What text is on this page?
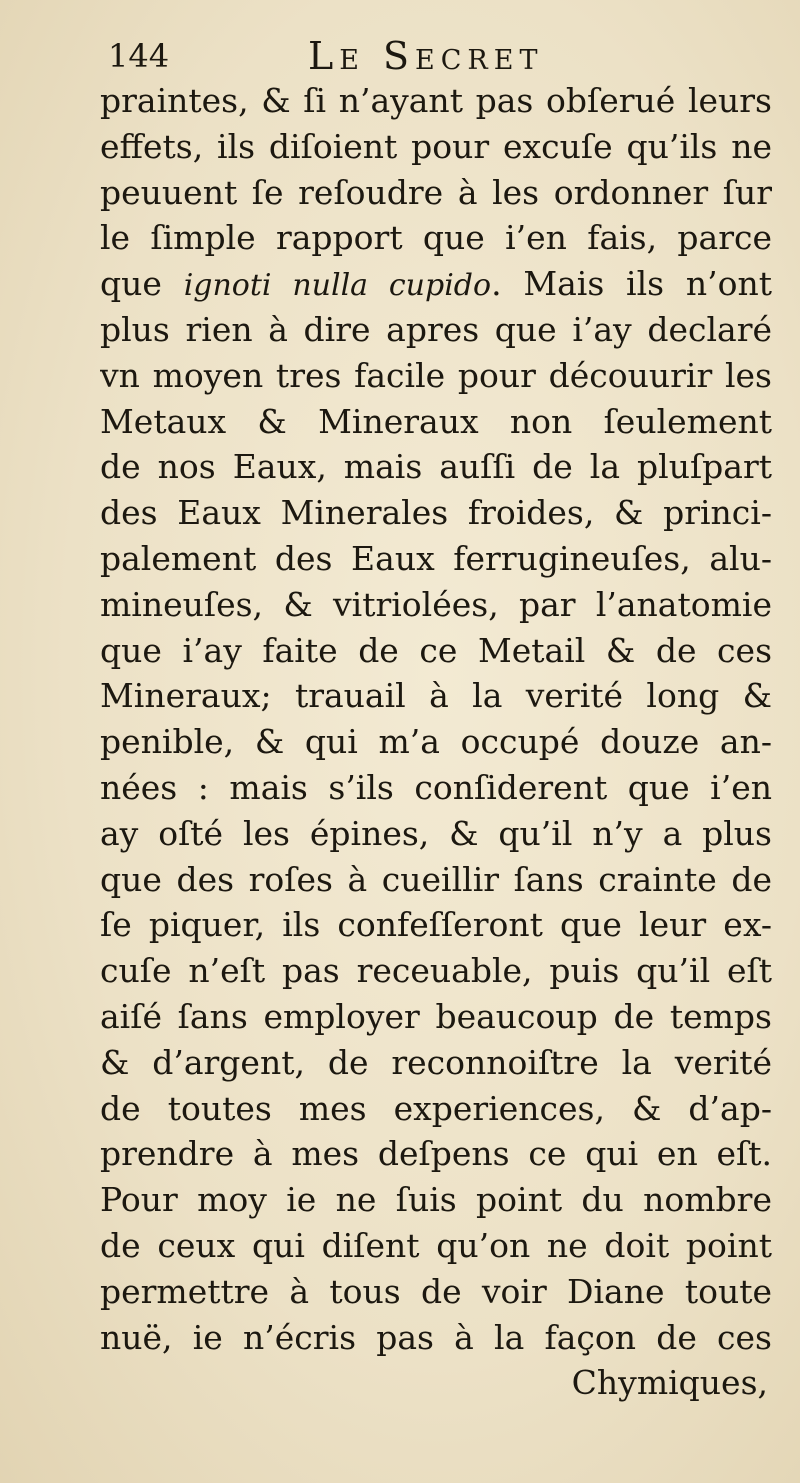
144	Le Secret
praintes, & ſi n’ayant pas obſerué leurs
effets, ils diſoient pour excuſe qu’ils ne
peuuent ſe reſoudre à les ordonner ſur
le ſimple rapport que i’en fais, parce
que ignoti nulla cupido. Mais ils n’ont
plus rien à dire apres que i’ay declaré
vn moyen tres facile pour découurir les
Metaux & Mineraux non ſeulement
de nos Eaux, mais auſſi de la pluſpart
des Eaux Minerales froides, & princi-
palement des Eaux ferrugineuſes, alu-
mineuſes, & vitriolées, par l’anatomie
que i’ay faite de ce Metail & de ces
Mineraux; trauail à la verité long &
penible, & qui m’a occupé douze an-
nées : mais s’ils conſiderent que i’en
ay oſté les épines, & qu’il n’y a plus
que des roſes à cueillir ſans crainte de
ſe piquer, ils confeſſeront que leur ex-
cuſe n’eſt pas receuable, puis qu’il eſt
aiſé ſans employer beaucoup de temps
& d’argent, de reconnoiſtre la verité
de toutes mes experiences, & d’ap-
prendre à mes deſpens ce qui en eſt.
Pour moy ie ne ſuis point du nombre
de ceux qui diſent qu’on ne doit point
permettre à tous de voir Diane toute
nuë, ie n’écris pas à la façon de ces
Chymiques,
